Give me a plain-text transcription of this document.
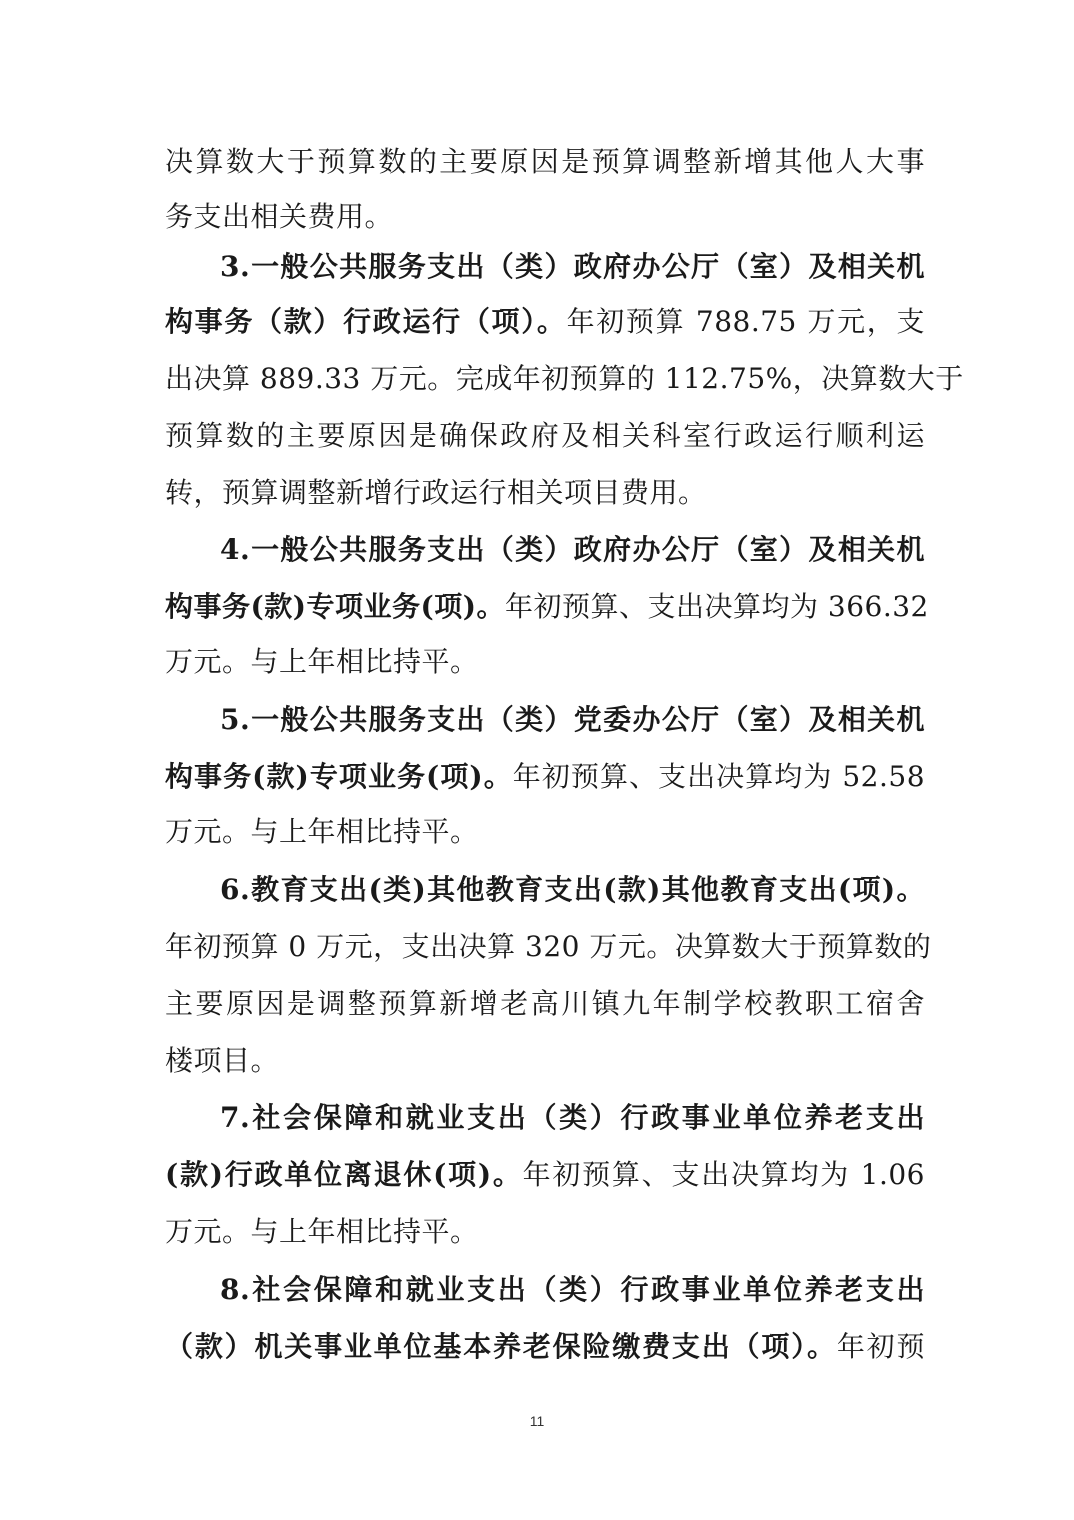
决算数大于预算数的主要原因是预算调整新增其他人大事
务支出相关费用。
3.一般公共服务支出（类）政府办公厅（室）及相关机
构事务（款）行政运行（项）。年初预算 788.75 万元，支
出决算 889.33 万元。完成年初预算的 112.75%，决算数大于
预算数的主要原因是确保政府及相关科室行政运行顺利运
转，预算调整新增行政运行相关项目费用。
4.一般公共服务支出（类）政府办公厅（室）及相关机
构事务(款)专项业务(项)。年初预算、支出决算均为 366.32
万元。与上年相比持平。
5.一般公共服务支出（类）党委办公厅（室）及相关机
构事务(款)专项业务(项)。年初预算、支出决算均为 52.58
万元。与上年相比持平。
6.教育支出(类)其他教育支出(款)其他教育支出(项)。
年初预算 0 万元，支出决算 320 万元。决算数大于预算数的
主要原因是调整预算新增老高川镇九年制学校教职工宿舍
楼项目。
7.社会保障和就业支出（类）行政事业单位养老支出
(款)行政单位离退休(项)。年初预算、支出决算均为 1.06
万元。与上年相比持平。
8.社会保障和就业支出（类）行政事业单位养老支出
（款）机关事业单位基本养老保险缴费支出（项）。年初预
11
